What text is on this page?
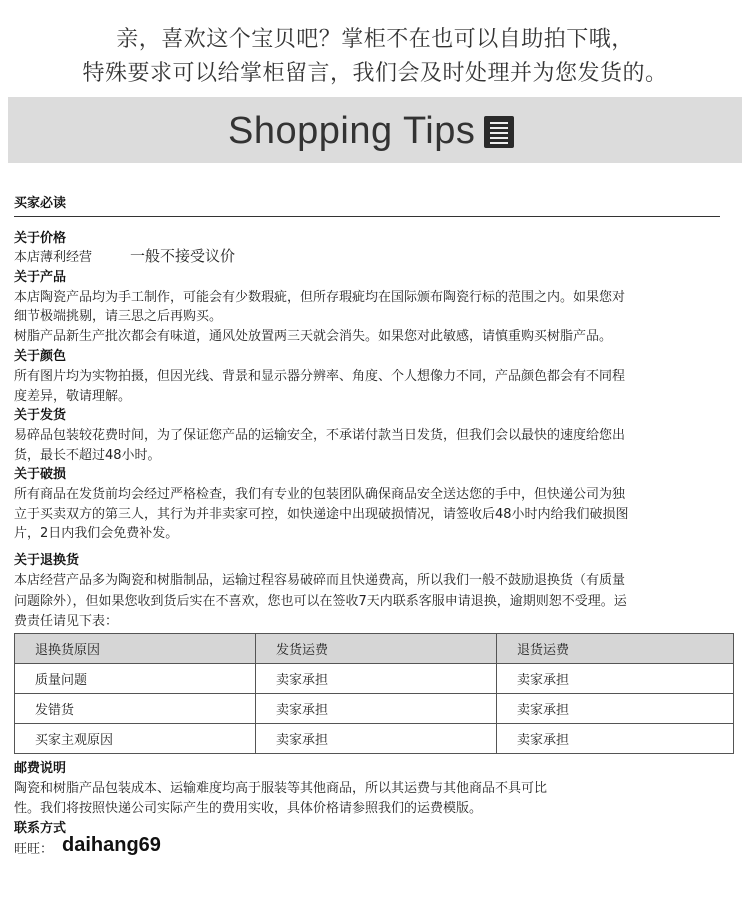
亲，喜欢这个宝贝吧？掌柜不在也可以自助拍下哦，
特殊要求可以给掌柜留言，我们会及时处理并为您发货的。
Shopping Tips
买家必读
关于价格
本店薄利经营	一般不接受议价
关于产品
本店陶瓷产品均为手工制作，可能会有少数瑕疵，但所存瑕疵均在国际颁布陶瓷行标的范围之内。如果您对
细节极端挑剔，请三思之后再购买。
树脂产品新生产批次都会有味道，通风处放置两三天就会消失。如果您对此敏感，请慎重购买树脂产品。
关于颜色
所有图片均为实物拍摄，但因光线、背景和显示器分辨率、角度、个人想像力不同，产品颜色都会有不同程
度差异，敬请理解。
关于发货
易碎品包装较花费时间，为了保证您产品的运输安全，不承诺付款当日发货，但我们会以最快的速度给您出
货，最长不超过48小时。
关于破损
所有商品在发货前均会经过严格检查，我们有专业的包装团队确保商品安全送达您的手中，但快递公司为独
立于买卖双方的第三人，其行为并非卖家可控，如快递途中出现破损情况，请签收后48小时内给我们破损图
片，2日内我们会免费补发。
关于退换货
本店经营产品多为陶瓷和树脂制品，运输过程容易破碎而且快递费高，所以我们一般不鼓励退换货（有质量
问题除外），但如果您收到货后实在不喜欢，您也可以在签收7天内联系客服申请退换，逾期则恕不受理。运
费责任请见下表：
退换货原因	发货运费	退货运费
质量问题	卖家承担	卖家承担
发错货	卖家承担	卖家承担
买家主观原因	卖家承担	卖家承担
邮费说明
陶瓷和树脂产品包装成本、运输难度均高于服装等其他商品，所以其运费与其他商品不具可比
性。我们将按照快递公司实际产生的费用实收，具体价格请参照我们的运费模版。
联系方式
旺旺： daihang69
